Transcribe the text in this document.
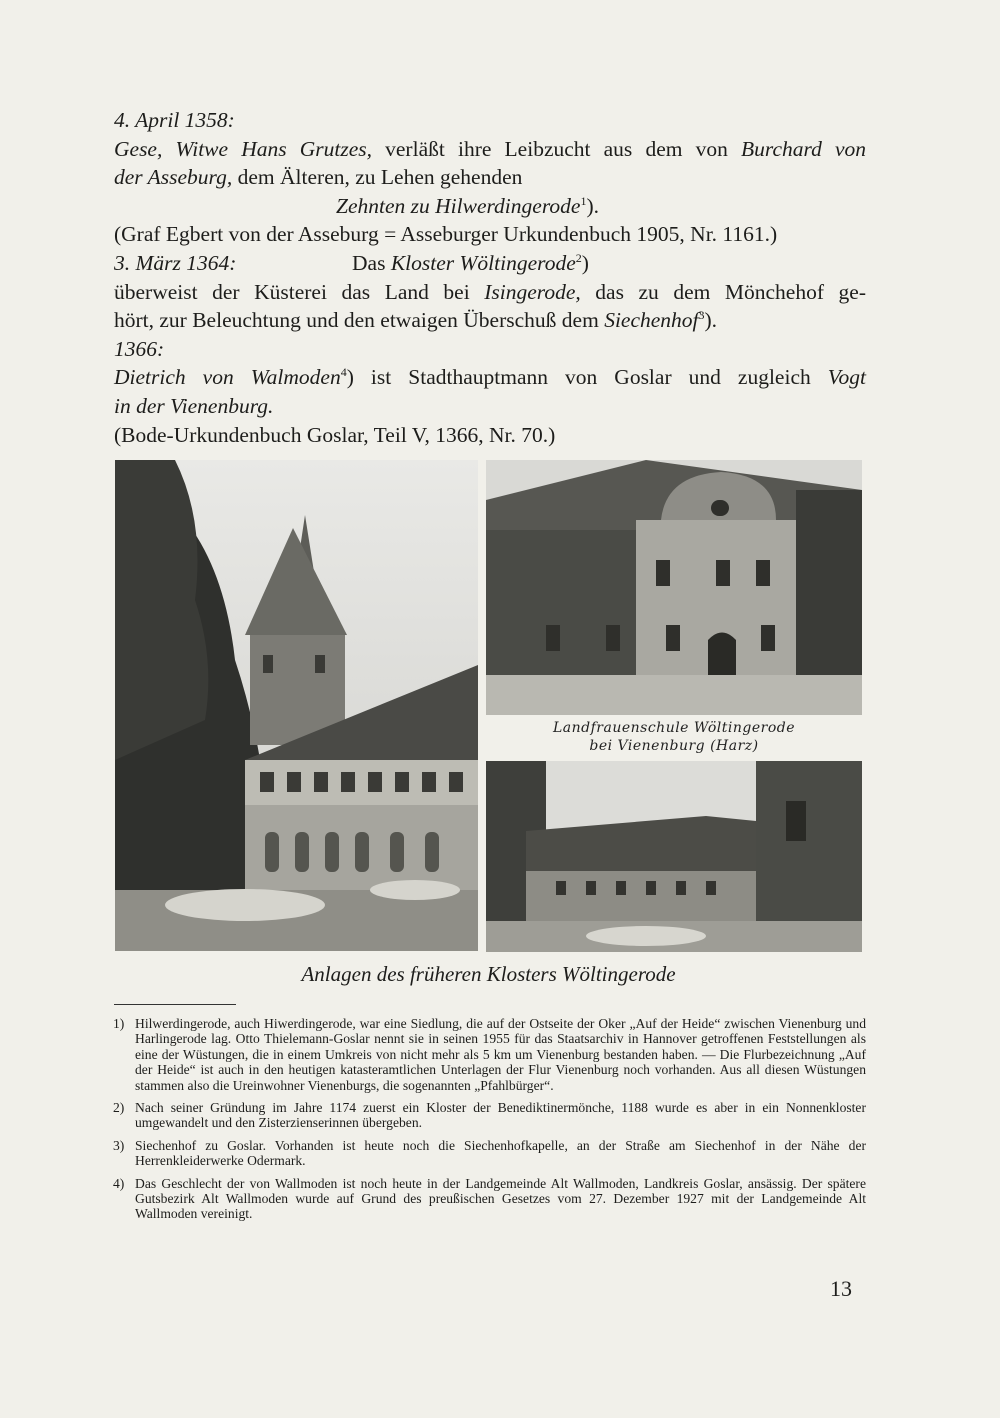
4. April 1358:
Gese, Witwe Hans Grutzes, verläßt ihre Leibzucht aus dem von Burchard von
der Asseburg, dem Älteren, zu Lehen gehenden
Zehnten zu Hilwerdingerode$^1$).
(Graf Egbert von der Asseburg = Asseburger Urkundenbuch 1905, Nr. 1161.)
3. März 1364:	Das Kloster Wöltingerode$^2$)
überweist der Küsterei das Land bei Isingerode, das zu dem Mönchehof ge-
hört, zur Beleuchtung und den etwaigen Überschuß dem Siechenhof$^3$).
1366:
Dietrich von Walmoden$^4$) ist Stadthauptmann von Goslar und zugleich Vogt
in der Vienenburg.
(Bode-Urkundenbuch Goslar, Teil V, 1366, Nr. 70.)
Landfrauenschule Wöltingerode
bei Vienenburg (Harz)
Anlagen des früheren Klosters Wöltingerode
1) Hilwerdingerode, auch Hiwerdingerode, war eine Siedlung, die auf der Ostseite der Oker „Auf der Heide“ zwischen Vienenburg und Harlingerode lag. Otto Thielemann-Goslar nennt sie in seinen 1955 für das Staatsarchiv in Hannover getroffenen Feststellungen als eine der Wüstungen, die in einem Umkreis von nicht mehr als 5 km um Vienenburg bestanden haben. — Die Flurbezeichnung „Auf der Heide“ ist auch in den heutigen katasteramtlichen Unterlagen der Flur Vienenburg noch vorhanden. Aus all diesen Wüstungen stammen also die Ureinwohner Vienenburgs, die sogenannten „Pfahlbürger“.
2) Nach seiner Gründung im Jahre 1174 zuerst ein Kloster der Benediktinermönche, 1188 wurde es aber in ein Nonnenkloster umgewandelt und den Zisterzienserinnen übergeben.
3) Siechenhof zu Goslar. Vorhanden ist heute noch die Siechenhofkapelle, an der Straße am Siechenhof in der Nähe der Herrenkleiderwerke Odermark.
4) Das Geschlecht der von Wallmoden ist noch heute in der Landgemeinde Alt Wallmoden, Landkreis Goslar, ansässig. Der spätere Gutsbezirk Alt Wallmoden wurde auf Grund des preußischen Gesetzes vom 27. Dezember 1927 mit der Landgemeinde Alt Wallmoden vereinigt.
13
